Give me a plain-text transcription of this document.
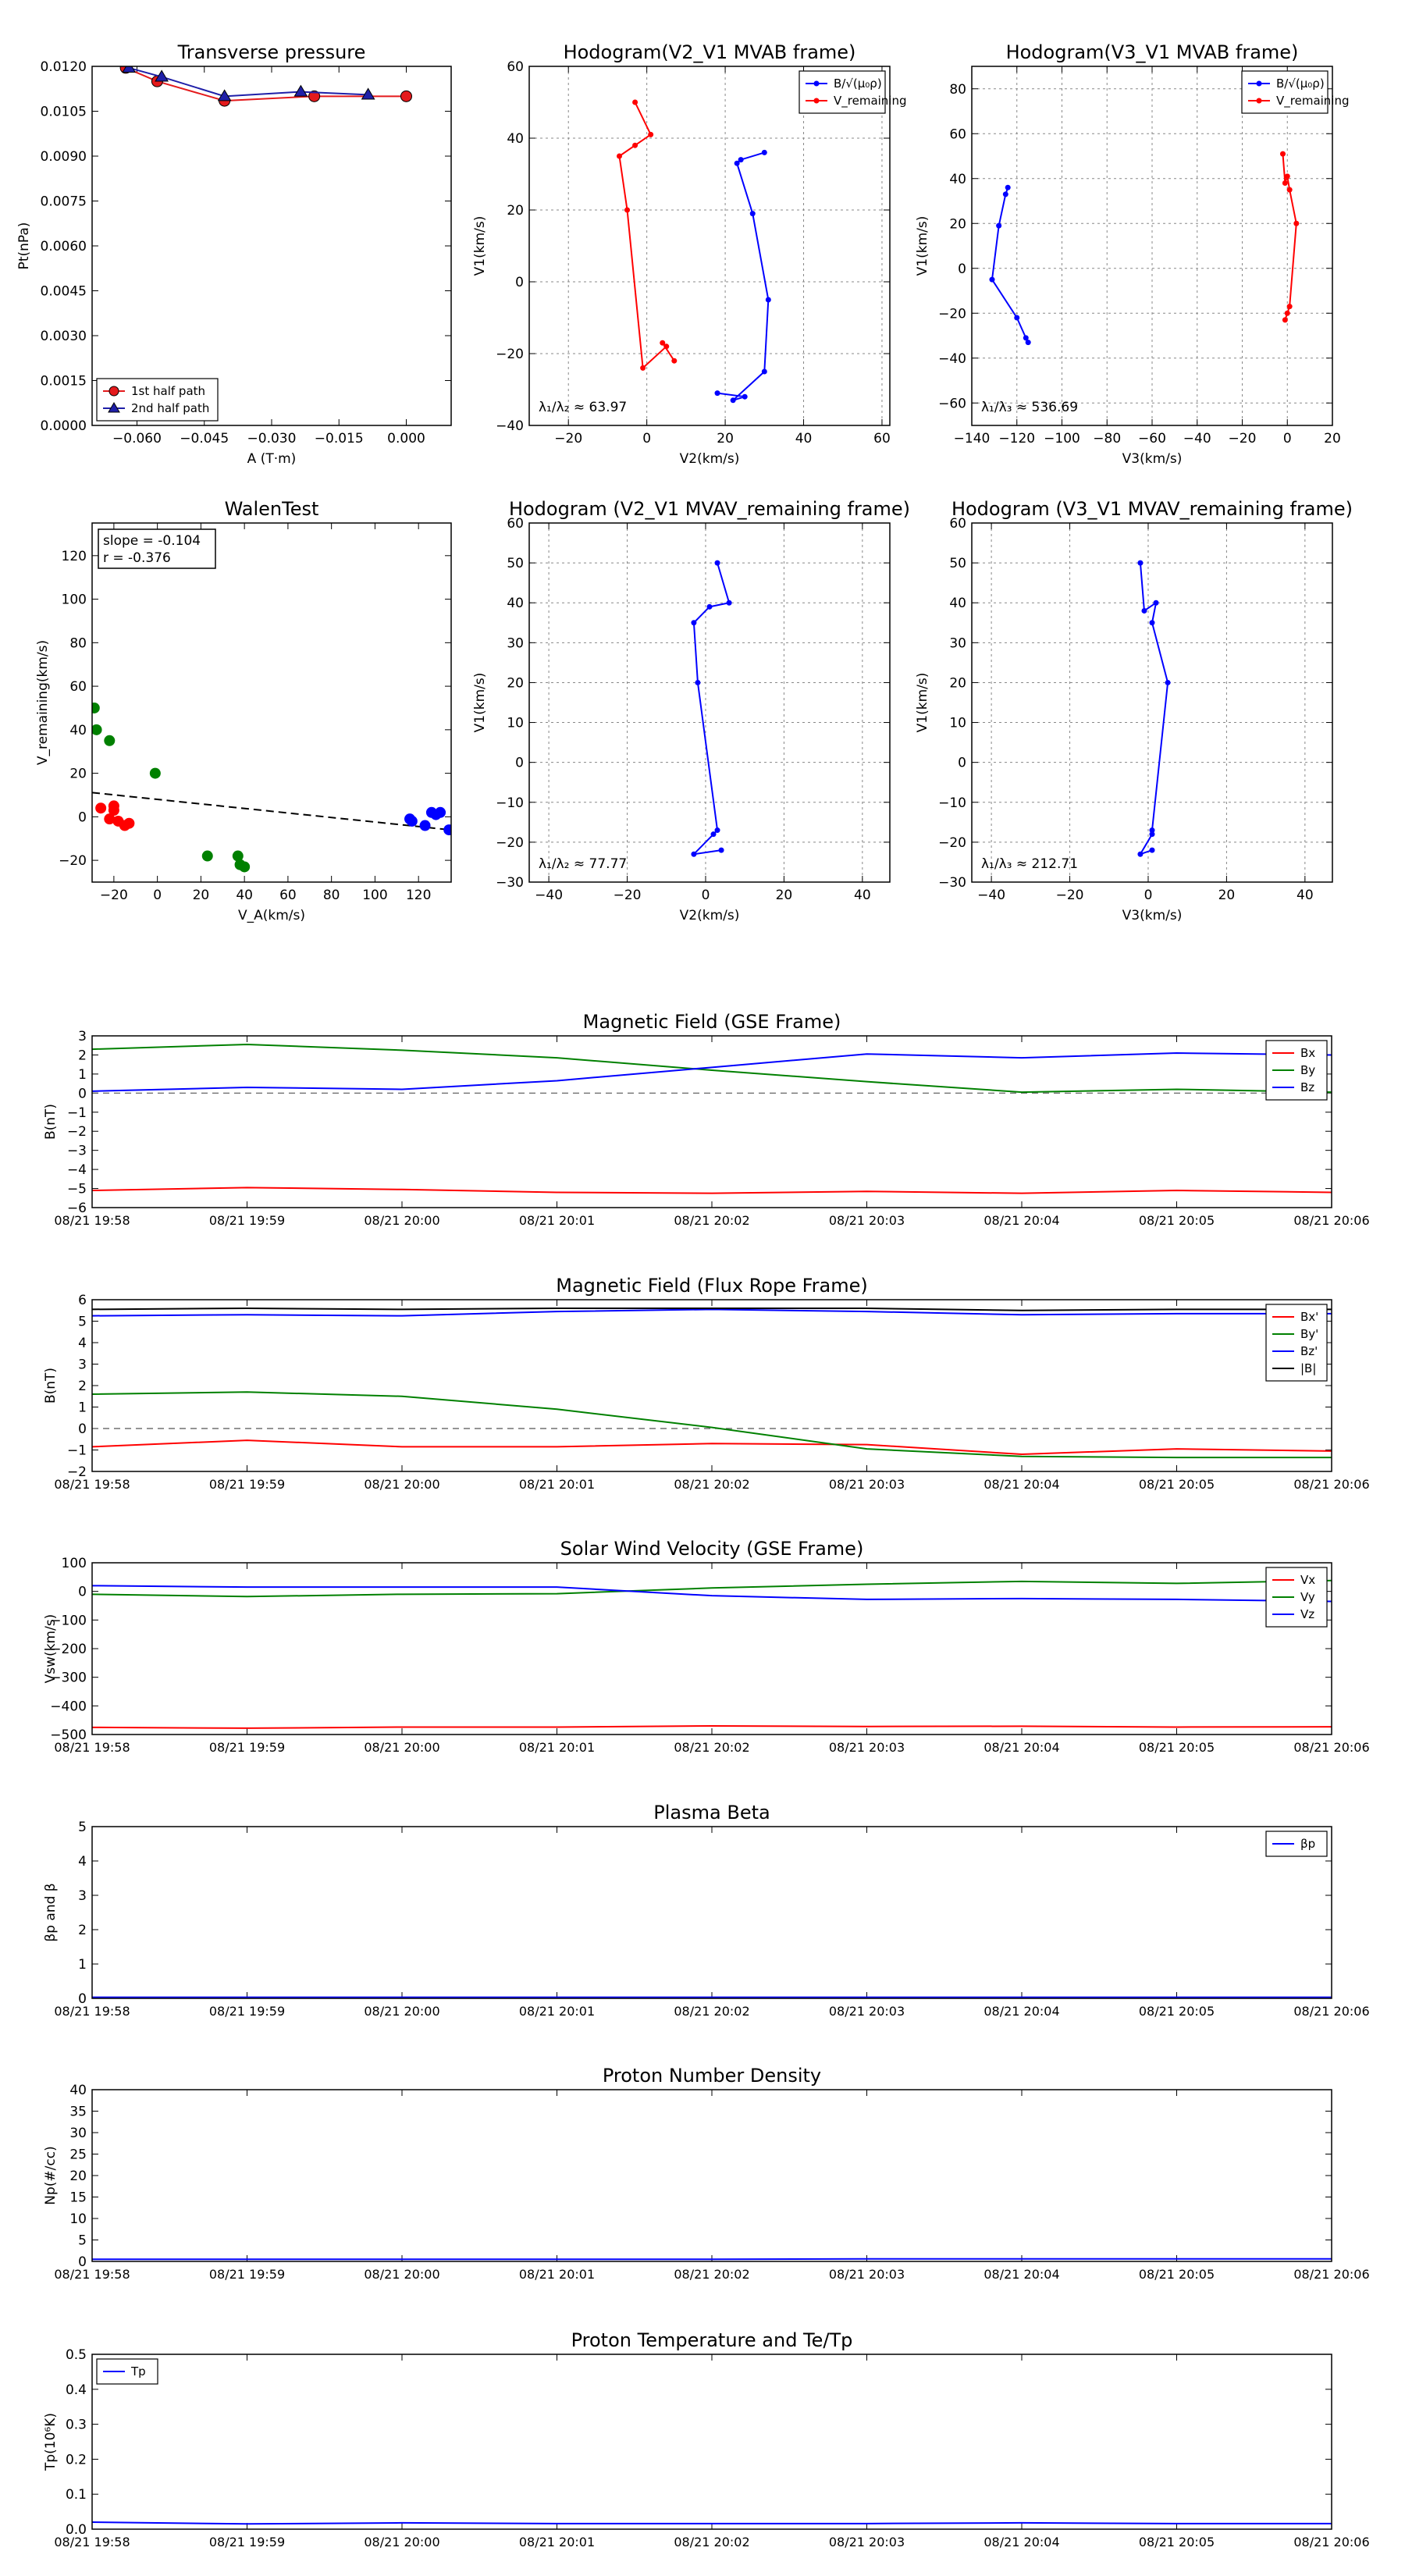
Transverse pressure
−0.060 −0.045 −0.030 −0.015 0.000
0.0000
0.0015
0.0030
0.0045
0.0060
0.0075
0.0090
0.0105
0.0120
A (T·m)
Pt(nPa)
1st half path
2nd half path
Hodogram(V2_V1 MVAB frame)
−20	0	20	40	60
−40
−20
0
20
40
60
V2(km/s)
V1(km/s)
λ₁/λ₂ ≈ 63.97
B/√(μ₀ρ)
V_remaining
Hodogram(V3_V1 MVAB frame)
−140 −120 −100 −80 −60 −40 −20 0 20
−60
−40
−20
0
20
40
60
80
V3(km/s)
V1(km/s)
λ₁/λ₃ ≈ 536.69
B/√(μ₀ρ)
V_remaining
WalenTest
−20 0 20 40 60 80 100 120
−20
0
20
40
60
80
100
120
V_A(km/s)
V_remaining(km/s)
slope = -0.104
r = -0.376
Hodogram (V2_V1 MVAV_remaining frame)
−40	−20	0	20	40
−30
−20
−10
0
10
20
30
40
50
60
V2(km/s)
V1(km/s)
λ₁/λ₂ ≈ 77.77
Hodogram (V3_V1 MVAV_remaining frame)
−40	−20	0	20	40
−30
−20
−10
0
10
20
30
40
50
60
V3(km/s)
V1(km/s)
λ₁/λ₃ ≈ 212.71
Magnetic Field (GSE Frame)
08/21 19:58	08/21 19:59	08/21 20:00	08/21 20:01	08/21 20:02	08/21 20:03	08/21 20:04	08/21 20:05	08/21 20:06
−6
−5
−4
−3
−2
−1
0
1
2
3
B(nT)
Bx
By
Bz
Magnetic Field (Flux Rope Frame)
08/21 19:58	08/21 19:59	08/21 20:00	08/21 20:01	08/21 20:02	08/21 20:03	08/21 20:04	08/21 20:05	08/21 20:06
−2
−1
0
1
2
3
4
5
6
B(nT)
Bx'
By'
Bz'
|B|
Solar Wind Velocity (GSE Frame)
08/21 19:58	08/21 19:59	08/21 20:00	08/21 20:01	08/21 20:02	08/21 20:03	08/21 20:04	08/21 20:05	08/21 20:06
−500
−400
−300
−200
−100
0
100
Vsw(km/s)
Vx
Vy
Vz
Plasma Beta
08/21 19:58	08/21 19:59	08/21 20:00	08/21 20:01	08/21 20:02	08/21 20:03	08/21 20:04	08/21 20:05	08/21 20:06
0
1
2
3
4
5
βp and β
βp
Proton Number Density
08/21 19:58	08/21 19:59	08/21 20:00	08/21 20:01	08/21 20:02	08/21 20:03	08/21 20:04	08/21 20:05	08/21 20:06
0
5
10
15
20
25
30
35
40
Np(#/cc)
Proton Temperature and Te/Tp
08/21 19:58	08/21 19:59	08/21 20:00	08/21 20:01	08/21 20:02	08/21 20:03	08/21 20:04	08/21 20:05	08/21 20:06
0.0
0.1
0.2
0.3
0.4
0.5
Tp(10⁶K)
Tp
